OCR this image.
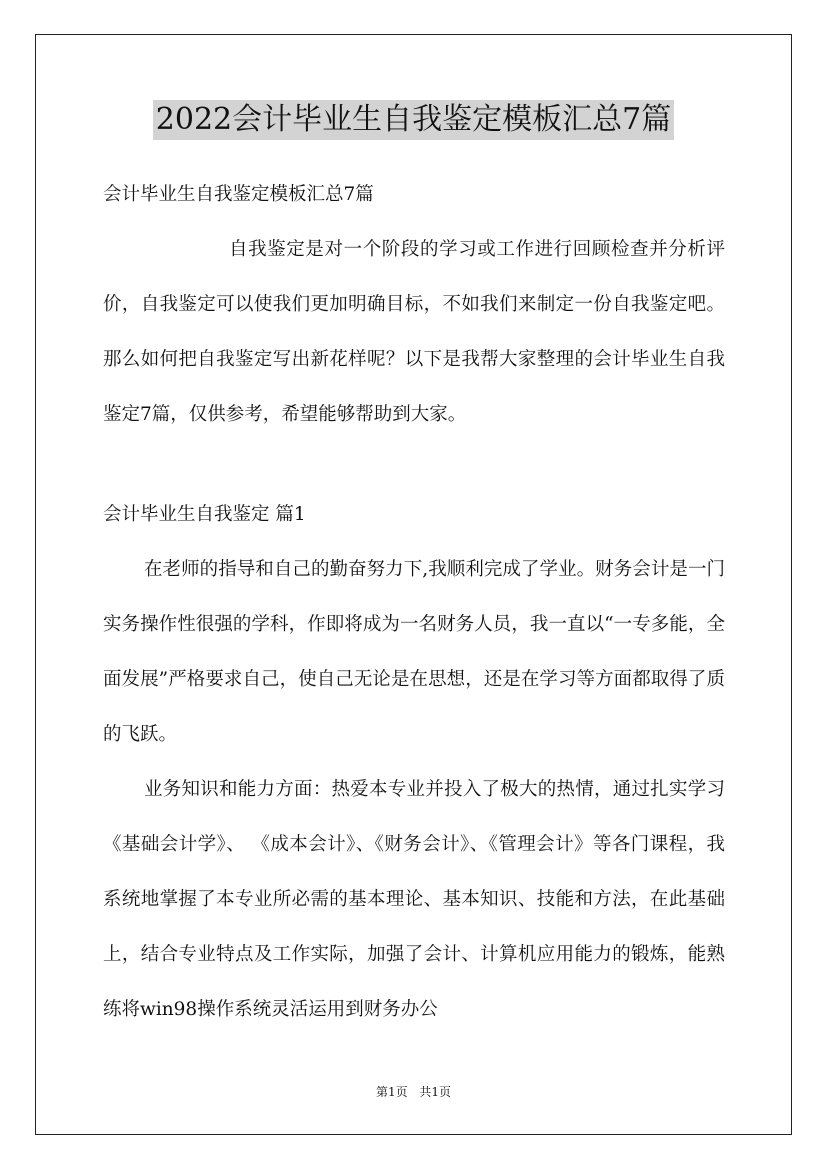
2022会计毕业生自我鉴定模板汇总7篇

会计毕业生自我鉴定模板汇总7篇

自我鉴定是对一个阶段的学习或工作进行回顾检查并分析评价，自我鉴定可以使我们更加明确目标，不如我们来制定一份自我鉴定吧。那么如何把自我鉴定写出新花样呢？以下是我帮大家整理的会计毕业生自我鉴定7篇，仅供参考，希望能够帮助到大家。

会计毕业生自我鉴定 篇1

在老师的指导和自己的勤奋努力下,我顺利完成了学业。财务会计是一门实务操作性很强的学科，作即将成为一名财务人员，我一直以“一专多能，全面发展”严格要求自己，使自己无论是在思想，还是在学习等方面都取得了质的飞跃。

业务知识和能力方面：热爱本专业并投入了极大的热情，通过扎实学习《基础会计学》、 《成本会计》、《财务会计》、《管理会计》等各门课程，我系统地掌握了本专业所必需的基本理论、基本知识、技能和方法，在此基础上，结合专业特点及工作实际，加强了会计、计算机应用能力的锻炼，能熟练将win98操作系统灵活运用到财务办公

第1页 共1页
